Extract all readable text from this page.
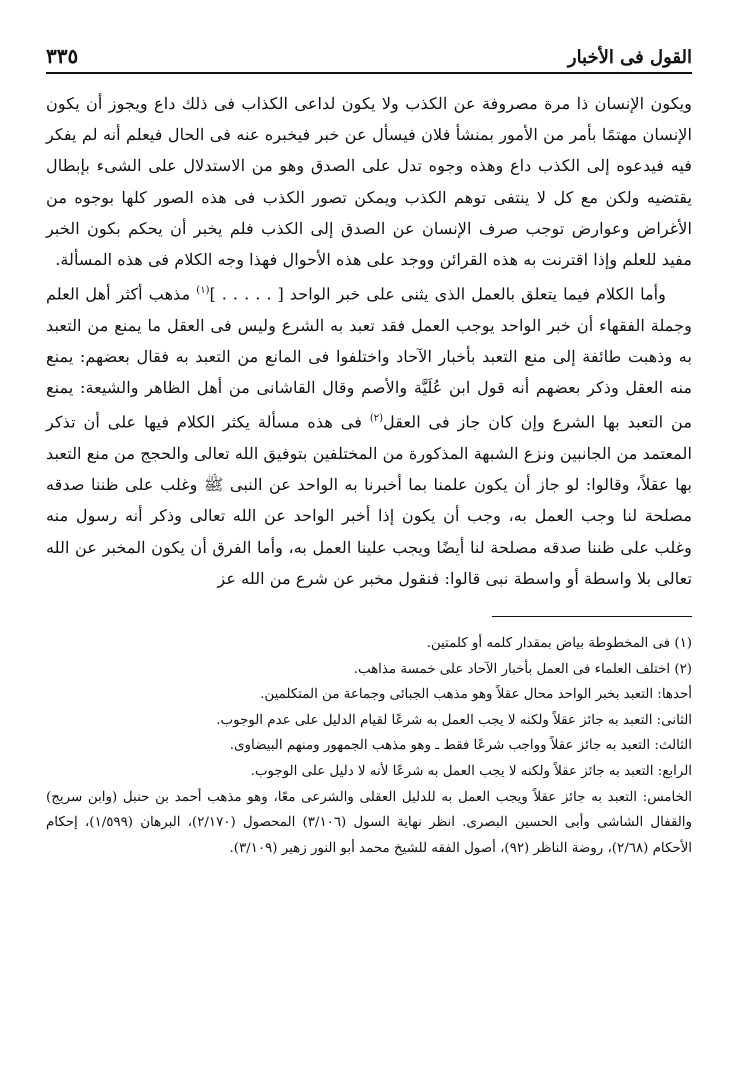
القول فى الأخبار
٣٣٥

ويكون الإنسان ذا مرة مصروفة عن الكذب ولا يكون لداعى الكذاب فى ذلك داع ويجوز أن يكون الإنسان مهتمًا بأمر من الأمور بمنشأ فلان فيسأل عن خبر فيخبره عنه فى الحال فيعلم أنه لم يفكر فيه فيدعوه إلى الكذب داع وهذه وجوه تدل على الصدق وهو من الاستدلال على الشىء بإبطال يقتضيه ولكن مع كل لا ينتفى توهم الكذب ويمكن تصور الكذب فى هذه الصور كلها بوجوه من الأغراض وعوارض توجب صرف الإنسان عن الصدق إلى الكذب فلم يخبر أن يحكم بكون الخبر مفيد للعلم وإذا اقترنت به هذه القرائن ووجد على هذه الأحوال فهذا وجه الكلام فى هذه المسألة.

وأما الكلام فيما يتعلق بالعمل الذى يثنى على خبر الواحد [ . . . . . ]$^{(١)}$ مذهب أكثر أهل العلم وجملة الفقهاء أن خبر الواحد يوجب العمل فقد تعبد به الشرع وليس فى العقل ما يمنع من التعبد به وذهبت طائفة إلى منع التعبد بأخبار الآحاد واختلفوا فى المانع من التعبد به فقال بعضهم: يمنع منه العقل وذكر بعضهم أنه قول ابن عُلَيَّة والأصم وقال القاشانى من أهل الظاهر والشيعة: يمنع من التعبد بها الشرع وإن كان جاز فى العقل$^{(٢)}$ فى هذه مسألة يكثر الكلام فيها على أن تذكر المعتمد من الجانبين ونزع الشبهة المذكورة من المختلفين بتوفيق الله تعالى والحجج من منع التعبد بها عقلاً، وقالوا: لو جاز أن يكون علمنا بما أخبرنا به الواحد عن النبى ﷺ وغلب على ظننا صدقه مصلحة لنا وجب العمل به، وجب أن يكون إذا أخبر الواحد عن الله تعالى وذكر أنه رسول منه وغلب على ظننا صدقه مصلحة لنا أيضًا ويجب علينا العمل به، وأما الفرق أن يكون المخبر عن الله تعالى بلا واسطة أو واسطة نبى قالوا: فنقول مخبر عن شرع من الله عز

(١) فى المخطوطة بياض بمقدار كلمه أو كلمتين.

(٢) اختلف العلماء فى العمل بأخبار الآحاد على خمسة مذاهب.

أحدها: التعبد بخبر الواحد محال عقلاً وهو مذهب الجبائى وجماعة من المتكلمين.

الثانى: التعبد به جائز عقلاً ولكنه لا يجب العمل به شرعًا لقيام الدليل على عدم الوجوب.

الثالث: التعبد به جائز عقلاً وواجب شرعًا فقط ـ وهو مذهب الجمهور ومنهم البيضاوى.

الرابع: التعبد به جائز عقلاً ولكنه لا يجب العمل به شرعًا لأنه لا دليل على الوجوب.

الخامس: التعبد به جائز عقلاً ويجب العمل به للدليل العقلى والشرعى معًا، وهو مذهب أحمد بن حنبل (وابن سريج) والقفال الشاشى وأبى الحسين البصرى. انظر نهاية السول (٣/١٠٦) المحصول (٢/١٧٠)، البرهان (١/٥٩٩)، إحكام الأحكام (٢/٦٨)، روضة الناظر (٩٢)، أصول الفقه للشيخ محمد أبو النور زهير (٣/١٠٩).
